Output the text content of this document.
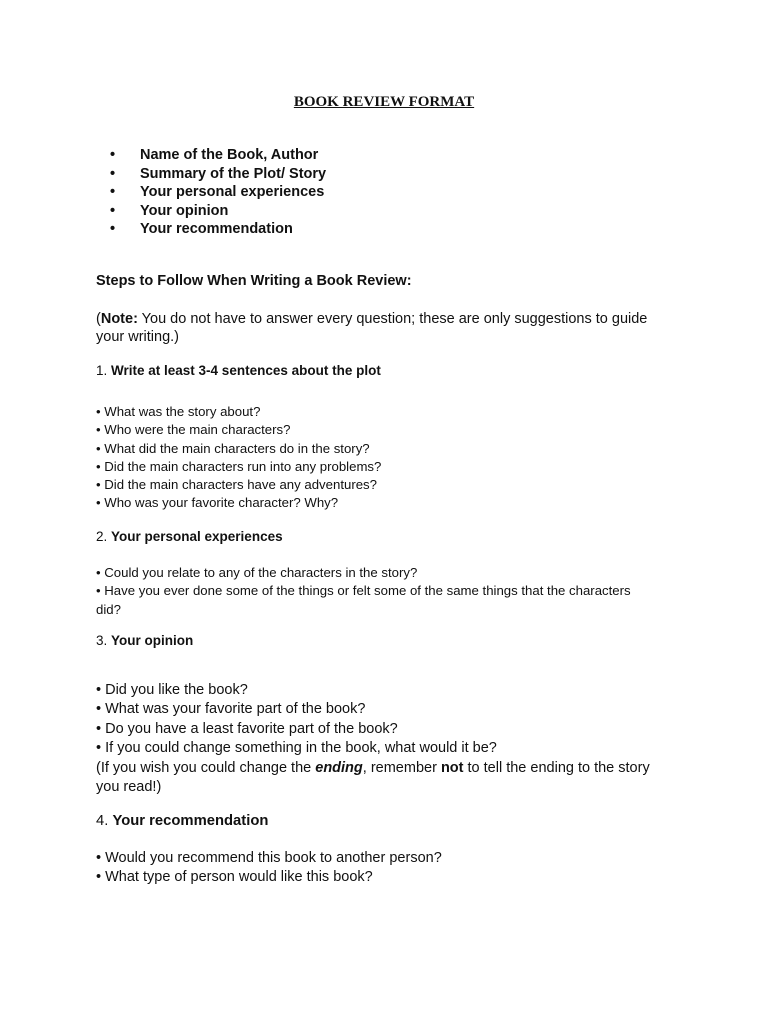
BOOK REVIEW FORMAT
• Name of the Book, Author
• Summary of the Plot/ Story
• Your personal experiences
• Your opinion
• Your recommendation
Steps to Follow When Writing a Book Review:
(Note: You do not have to answer every question; these are only suggestions to guide your writing.)
1. Write at least 3-4 sentences about the plot
• What was the story about?
• Who were the main characters?
• What did the main characters do in the story?
• Did the main characters run into any problems?
• Did the main characters have any adventures?
• Who was your favorite character? Why?
2. Your personal experiences
• Could you relate to any of the characters in the story?
• Have you ever done some of the things or felt some of the same things that the characters did?
3. Your opinion
• Did you like the book?
• What was your favorite part of the book?
• Do you have a least favorite part of the book?
• If you could change something in the book, what would it be?
(If you wish you could change the ending, remember not to tell the ending to the story you read!)
4. Your recommendation
• Would you recommend this book to another person?
• What type of person would like this book?
